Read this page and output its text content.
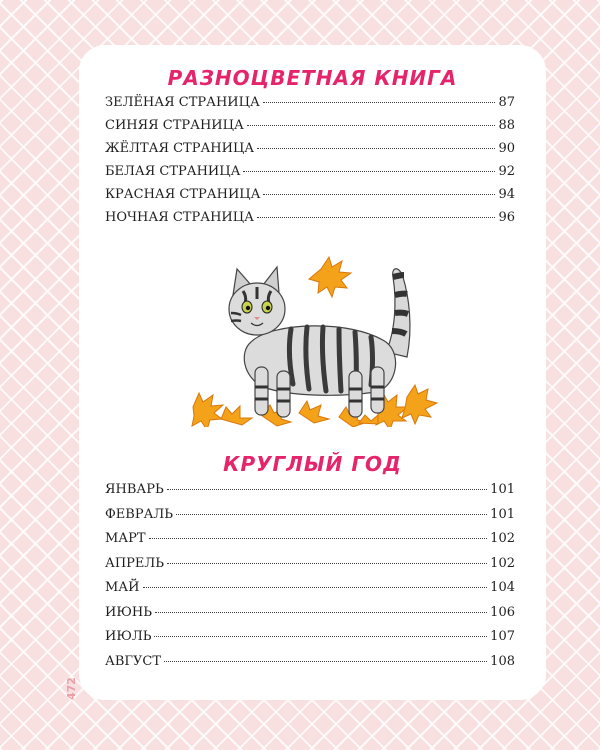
РАЗНОЦВЕТНАЯ КНИГА
ЗЕЛЁНАЯ СТРАНИЦА	87
СИНЯЯ СТРАНИЦА	88
ЖЁЛТАЯ СТРАНИЦА	90
БЕЛАЯ СТРАНИЦА	92
КРАСНАЯ СТРАНИЦА	94
НОЧНАЯ СТРАНИЦА	96
КРУГЛЫЙ ГОД
ЯНВАРЬ	101
ФЕВРАЛЬ	101
МАРТ	102
АПРЕЛЬ	102
МАЙ	104
ИЮНЬ	106
ИЮЛЬ	107
АВГУСТ	108
472
